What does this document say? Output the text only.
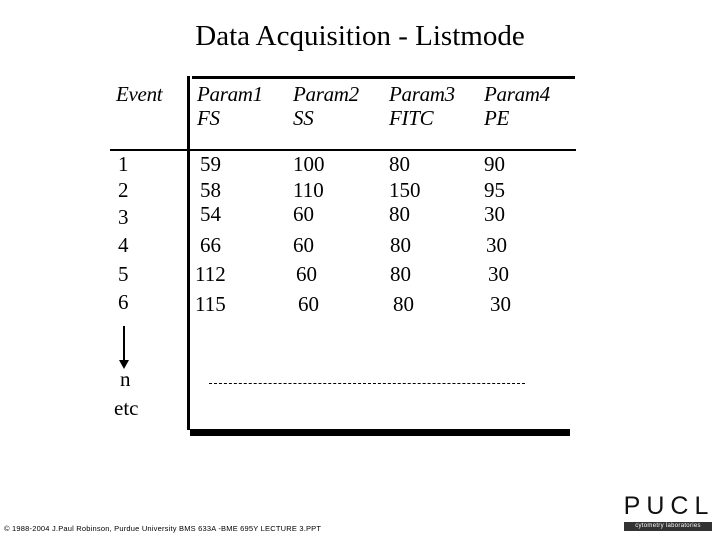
Data Acquisition - Listmode
Event Param1
FS
Param2
SS
Param3
FITC
Param4
PE
1
2
3
4
5
6
59
58
54
66
112
115
100
110
60
60
60
60
80
150
80
80
80
80
90
95
30
30
30
30
n
etc
© 1988-2004 J.Paul Robinson, Purdue University BMS 633A -BME 695Y LECTURE 3.PPT
PUCL
cytometry laboratories
